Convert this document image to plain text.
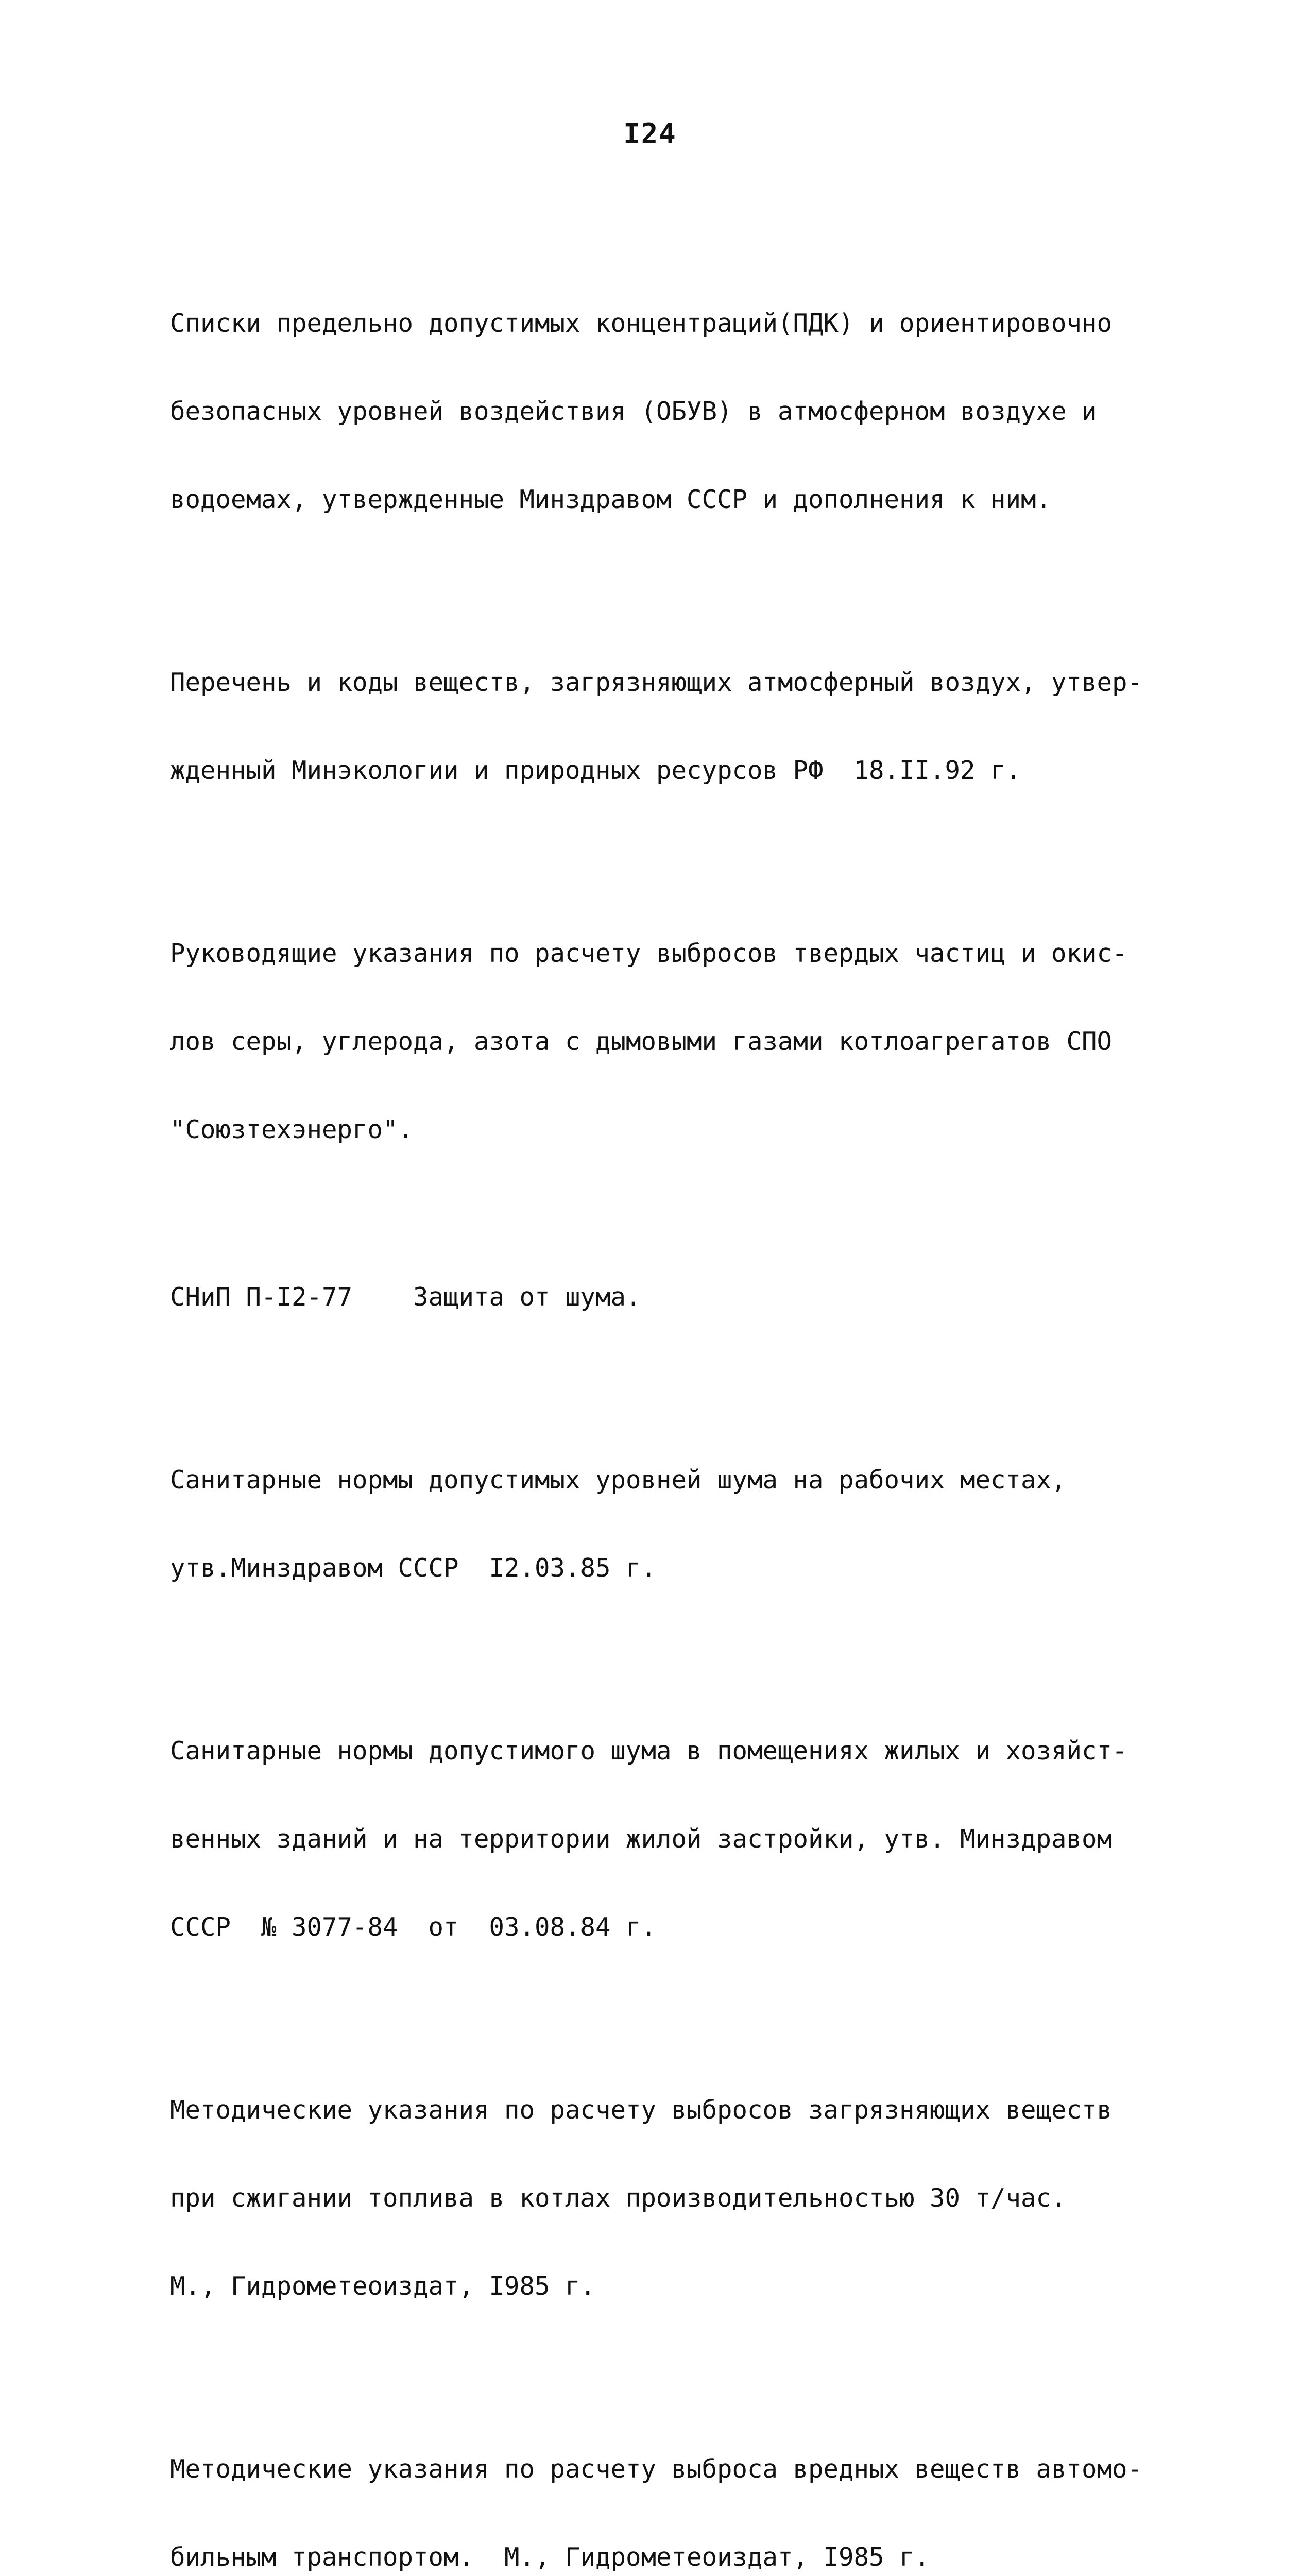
I24

Списки предельно допустимых концентраций(ПДК) и ориентировочно

безопасных уровней воздействия (ОБУВ) в атмосферном воздухе и

водоемах, утвержденные Минздравом СССР и дополнения к ним.

Перечень и коды веществ, загрязняющих атмосферный воздух, утвер-

жденный Минэкологии и природных ресурсов РФ  18.II.92 г.

Руководящие указания по расчету выбросов твердых частиц и окис-

лов серы, углерода, азота с дымовыми газами котлоагрегатов СПО

"Союзтехэнерго".

СНиП П-I2-77    Защита от шума.

Санитарные нормы допустимых уровней шума на рабочих местах,

утв.Минздравом СССР  I2.03.85 г.

Санитарные нормы допустимого шума в помещениях жилых и хозяйст-

венных зданий и на территории жилой застройки, утв. Минздравом

СССР  № 3077-84  от  03.08.84 г.

Методические указания по расчету выбросов загрязняющих веществ

при сжигании топлива в котлах производительностью 30 т/час.

М., Гидрометеоиздат, I985 г.

Методические указания по расчету выброса вредных веществ автомо-

бильным транспортом.  М., Гидрометеоиздат, I985 г.
